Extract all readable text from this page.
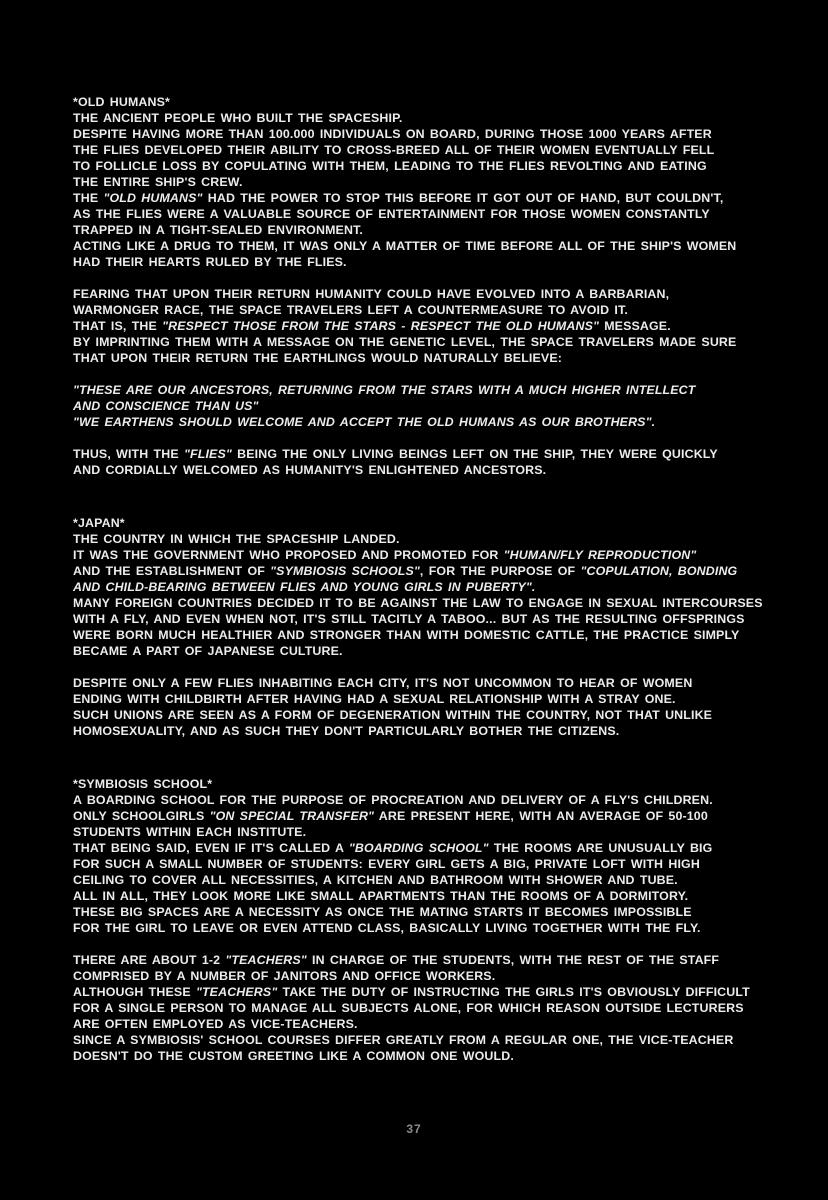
*OLD HUMANS*
THE ANCIENT PEOPLE WHO BUILT THE SPACESHIP.
DESPITE HAVING MORE THAN 100.000 INDIVIDUALS ON BOARD, DURING THOSE 1000 YEARS AFTER
THE FLIES DEVELOPED THEIR ABILITY TO CROSS-BREED ALL OF THEIR WOMEN EVENTUALLY FELL
TO FOLLICLE LOSS BY COPULATING WITH THEM, LEADING TO THE FLIES REVOLTING AND EATING
THE ENTIRE SHIP'S CREW.
THE "OLD HUMANS" HAD THE POWER TO STOP THIS BEFORE IT GOT OUT OF HAND, BUT COULDN'T,
AS THE FLIES WERE A VALUABLE SOURCE OF ENTERTAINMENT FOR THOSE WOMEN CONSTANTLY
TRAPPED IN A TIGHT-SEALED ENVIRONMENT.
ACTING LIKE A DRUG TO THEM, IT WAS ONLY A MATTER OF TIME BEFORE ALL OF THE SHIP'S WOMEN
HAD THEIR HEARTS RULED BY THE FLIES.
FEARING THAT UPON THEIR RETURN HUMANITY COULD HAVE EVOLVED INTO A BARBARIAN,
WARMONGER RACE, THE SPACE TRAVELERS LEFT A COUNTERMEASURE TO AVOID IT.
THAT IS, THE "RESPECT THOSE FROM THE STARS - RESPECT THE OLD HUMANS" MESSAGE.
BY IMPRINTING THEM WITH A MESSAGE ON THE GENETIC LEVEL, THE SPACE TRAVELERS MADE SURE
THAT UPON THEIR RETURN THE EARTHLINGS WOULD NATURALLY BELIEVE:
"THESE ARE OUR ANCESTORS, RETURNING FROM THE STARS WITH A MUCH HIGHER INTELLECT
AND CONSCIENCE THAN US"
"WE EARTHENS SHOULD WELCOME AND ACCEPT THE OLD HUMANS AS OUR BROTHERS".
THUS, WITH THE "FLIES" BEING THE ONLY LIVING BEINGS LEFT ON THE SHIP, THEY WERE QUICKLY
AND CORDIALLY WELCOMED AS HUMANITY'S ENLIGHTENED ANCESTORS.
*JAPAN*
THE COUNTRY IN WHICH THE SPACESHIP LANDED.
IT WAS THE GOVERNMENT WHO PROPOSED AND PROMOTED FOR "HUMAN/FLY REPRODUCTION"
AND THE ESTABLISHMENT OF "SYMBIOSIS SCHOOLS", FOR THE PURPOSE OF "COPULATION, BONDING
AND CHILD-BEARING BETWEEN FLIES AND YOUNG GIRLS IN PUBERTY".
MANY FOREIGN COUNTRIES DECIDED IT TO BE AGAINST THE LAW TO ENGAGE IN SEXUAL INTERCOURSES
WITH A FLY, AND EVEN WHEN NOT, IT'S STILL TACITLY A TABOO... BUT AS THE RESULTING OFFSPRINGS
WERE BORN MUCH HEALTHIER AND STRONGER THAN WITH DOMESTIC CATTLE, THE PRACTICE SIMPLY
BECAME A PART OF JAPANESE CULTURE.
DESPITE ONLY A FEW FLIES INHABITING EACH CITY, IT'S NOT UNCOMMON TO HEAR OF WOMEN
ENDING WITH CHILDBIRTH AFTER HAVING HAD A SEXUAL RELATIONSHIP WITH A STRAY ONE.
SUCH UNIONS ARE SEEN AS A FORM OF DEGENERATION WITHIN THE COUNTRY, NOT THAT UNLIKE
HOMOSEXUALITY, AND AS SUCH THEY DON'T PARTICULARLY BOTHER THE CITIZENS.
*SYMBIOSIS SCHOOL*
A BOARDING SCHOOL FOR THE PURPOSE OF PROCREATION AND DELIVERY OF A FLY'S CHILDREN.
ONLY SCHOOLGIRLS "ON SPECIAL TRANSFER" ARE PRESENT HERE, WITH AN AVERAGE OF 50-100
STUDENTS WITHIN EACH INSTITUTE.
THAT BEING SAID, EVEN IF IT'S CALLED A "BOARDING SCHOOL" THE ROOMS ARE UNUSUALLY BIG
FOR SUCH A SMALL NUMBER OF STUDENTS: EVERY GIRL GETS A BIG, PRIVATE LOFT WITH HIGH
CEILING TO COVER ALL NECESSITIES, A KITCHEN AND BATHROOM WITH SHOWER AND TUBE.
ALL IN ALL, THEY LOOK MORE LIKE SMALL APARTMENTS THAN THE ROOMS OF A DORMITORY.
THESE BIG SPACES ARE A NECESSITY AS ONCE THE MATING STARTS IT BECOMES IMPOSSIBLE
FOR THE GIRL TO LEAVE OR EVEN ATTEND CLASS, BASICALLY LIVING TOGETHER WITH THE FLY.
THERE ARE ABOUT 1-2 "TEACHERS" IN CHARGE OF THE STUDENTS, WITH THE REST OF THE STAFF
COMPRISED BY A NUMBER OF JANITORS AND OFFICE WORKERS.
ALTHOUGH THESE "TEACHERS" TAKE THE DUTY OF INSTRUCTING THE GIRLS IT'S OBVIOUSLY DIFFICULT
FOR A SINGLE PERSON TO MANAGE ALL SUBJECTS ALONE, FOR WHICH REASON OUTSIDE LECTURERS
ARE OFTEN EMPLOYED AS VICE-TEACHERS.
SINCE A SYMBIOSIS' SCHOOL COURSES DIFFER GREATLY FROM A REGULAR ONE, THE VICE-TEACHER
DOESN'T DO THE CUSTOM GREETING LIKE A COMMON ONE WOULD.
37
